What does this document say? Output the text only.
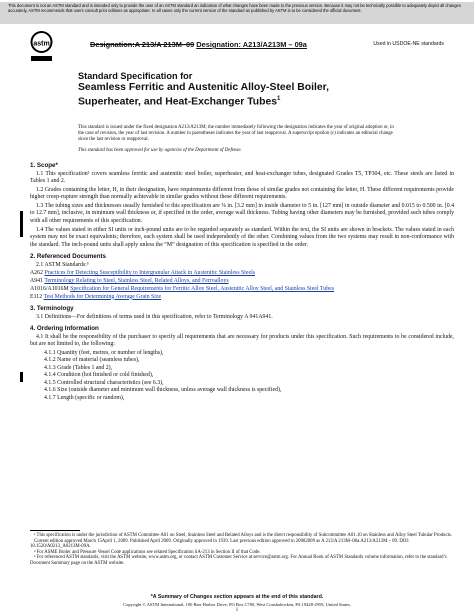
This document is not an ASTM standard and is intended only to provide the user of an ASTM standard an indication of what changes have been made to the previous version. Because it may not be technically possible to adequately depict all changes accurately, ASTM recommends that users consult prior editions as appropriate. In all cases only the current version of the standard as published by ASTM is to be considered the official document.
astm	Used in USDOE-NE standards
Designation:A 213/A 213M–09 Designation: A213/A213M – 09a
Standard Specification for
Seamless Ferritic and Austenitic Alloy-Steel Boiler,
Superheater, and Heat-Exchanger Tubes$^1$
This standard is issued under the fixed designation A213/A213M; the number immediately following the designation indicates the year of original adoption or, in the case of revision, the year of last revision. A number in parentheses indicates the year of last reapproval. A superscript epsilon (ε) indicates an editorial change since the last revision or reapproval.
This standard has been approved for use by agencies of the Department of Defense.
1. Scope*

1.1 This specification² covers seamless ferritic and austenitic steel boiler, superheater, and heat-exchanger tubes, designated Grades T5, TP304, etc. These steels are listed in Tables 1 and 2.

1.2 Grades containing the letter, H, in their designation, have requirements different from those of similar grades not containing the letter, H. These different requirements provide higher creep-rupture strength than normally achievable in similar grades without these different requirements.

1.3 The tubing sizes and thicknesses usually furnished to this specification are ⅛ in. [3.2 mm] in inside diameter to 5 in. [127 mm] in outside diameter and 0.015 to 0.500 in. [0.4 to 12.7 mm], inclusive, in minimum wall thickness or, if specified in the order, average wall thickness. Tubing having other diameters may be furnished, provided such tubes comply with all other requirements of this specification.

1.4 The values stated in either SI units or inch-pound units are to be regarded separately as standard. Within the text, the SI units are shown in brackets. The values stated in each system may not be exact equivalents; therefore, each system shall be used independently of the other. Combining values from the two systems may result in non-conformance with the standard. The inch-pound units shall apply unless the “M” designation of this specification is specified in the order.

2. Referenced Documents

2.1 ASTM Standards:³

A262 Practices for Detecting Susceptibility to Intergranular Attack in Austenitic Stainless Steels
A941 Terminology Relating to Steel, Stainless Steel, Related Alloys, and Ferroalloys
A1016/A1016M Specification for General Requirements for Ferritic Alloy Steel, Austenitic Alloy Steel, and Stainless Steel Tubes
E112 Test Methods for Determining Average Grain Size
3. Terminology

3.1 Definitions—For definitions of terms used in this specification, refer to Terminology A 941A941.

4. Ordering Information

4.1 It shall be the responsibility of the purchaser to specify all requirements that are necessary for products under this specification. Such requirements to be considered include, but are not limited to, the following:

4.1.1 Quantity (feet, metres, or number of lengths),

4.1.2 Name of material (seamless tubes),

4.1.3 Grade (Tables 1 and 2),

4.1.4 Condition (hot finished or cold finished),

4.1.5 Controlled structural characteristics (see 6.3),

4.1.6 Size (outside diameter and minimum wall thickness, unless average wall thickness is specified),

4.1.7 Length (specific or random),

¹ This specification is under the jurisdiction of ASTM Committee A01 on Steel, Stainless Steel and Related Alloys and is the direct responsibility of Subcommittee A01.10 on Stainless and Alloy Steel Tubular Products.

Current edition approved March 15April 1, 2009. Published April 2009. Originally approved in 1939. Last previous edition approved in 20082009 as A 213/A 213M–08a.A213/A213M – 09. DOI: 10.1520/A0213_A0213M-09A.

² For ASME Boiler and Pressure Vessel Code applications see related Specification SA-213 in Section II of that Code.

³ For referenced ASTM standards, visit the ASTM website, www.astm.org, or contact ASTM Customer Service at service@astm.org. For Annual Book of ASTM Standards volume information, refer to the standard’s Document Summary page on the ASTM website.

*A Summary of Changes section appears at the end of this standard.
Copyright © ASTM International, 100 Barr Harbor Drive, PO Box C700, West Conshohocken, PA 19428-2959, United States.
1
